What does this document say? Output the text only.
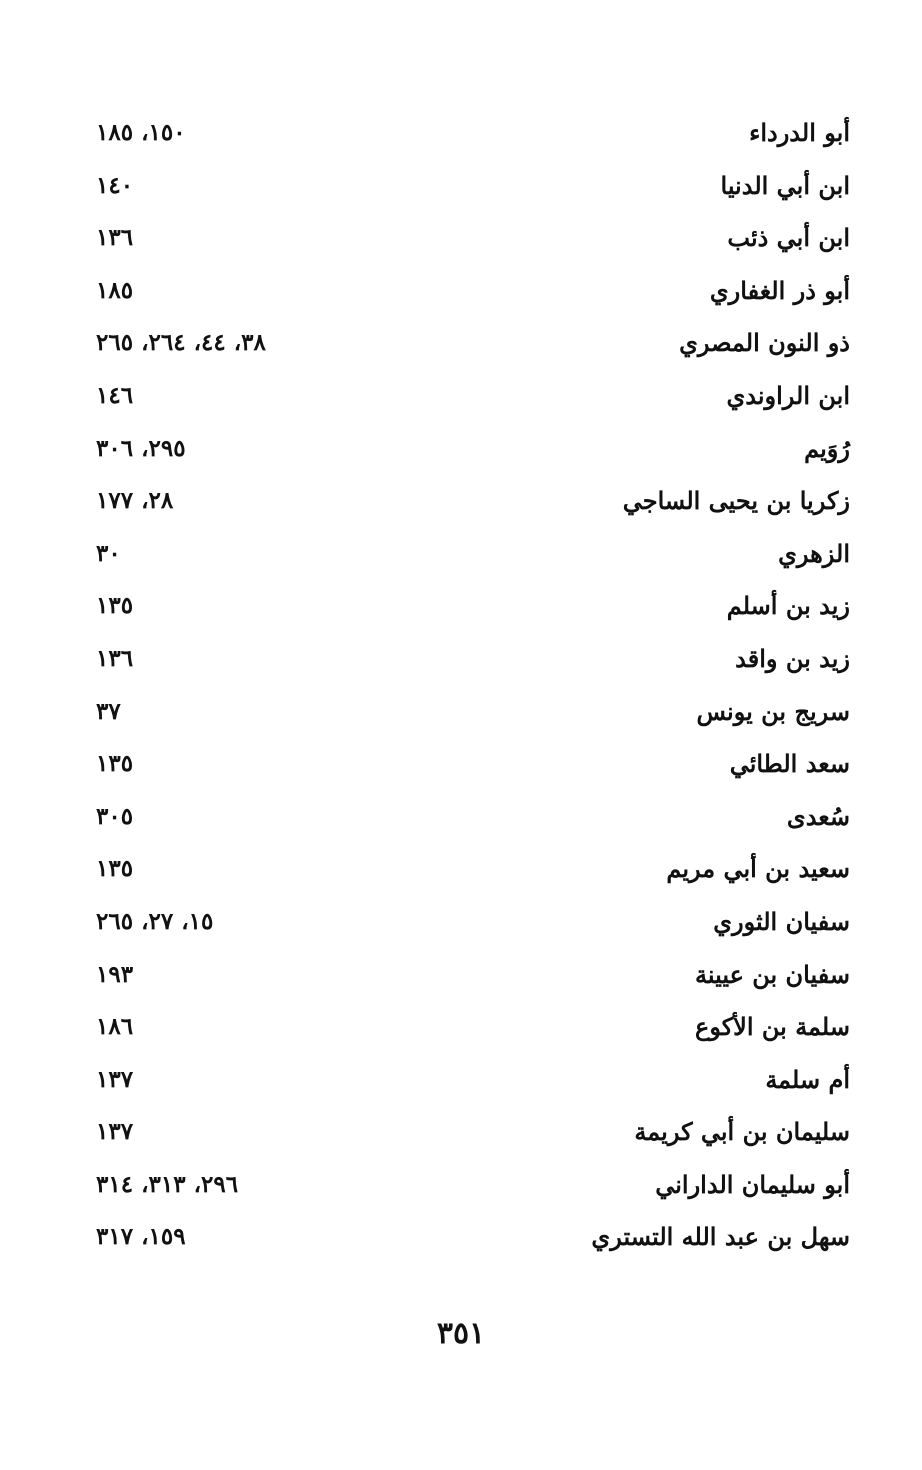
أبو الدرداء
١٥٠، ١٨٥
ابن أبي الدنيا
١٤٠
ابن أبي ذئب
١٣٦
أبو ذر الغفاري
١٨٥
ذو النون المصري
٣٨، ٤٤، ٢٦٤، ٢٦٥
ابن الراوندي
١٤٦
رُوَيم
٢٩٥، ٣٠٦
زكريا بن يحيى الساجي
٢٨، ١٧٧
الزهري
٣٠
زيد بن أسلم
١٣٥
زيد بن واقد
١٣٦
سريج بن يونس
٣٧
سعد الطائي
١٣٥
سُعدى
٣٠٥
سعيد بن أبي مريم
١٣٥
سفيان الثوري
١٥، ٢٧، ٢٦٥
سفيان بن عيينة
١٩٣
سلمة بن الأكوع
١٨٦
أم سلمة
١٣٧
سليمان بن أبي كريمة
١٣٧
أبو سليمان الداراني
٢٩٦، ٣١٣، ٣١٤
سهل بن عبد الله التستري
١٥٩، ٣١٧
٣٥١
